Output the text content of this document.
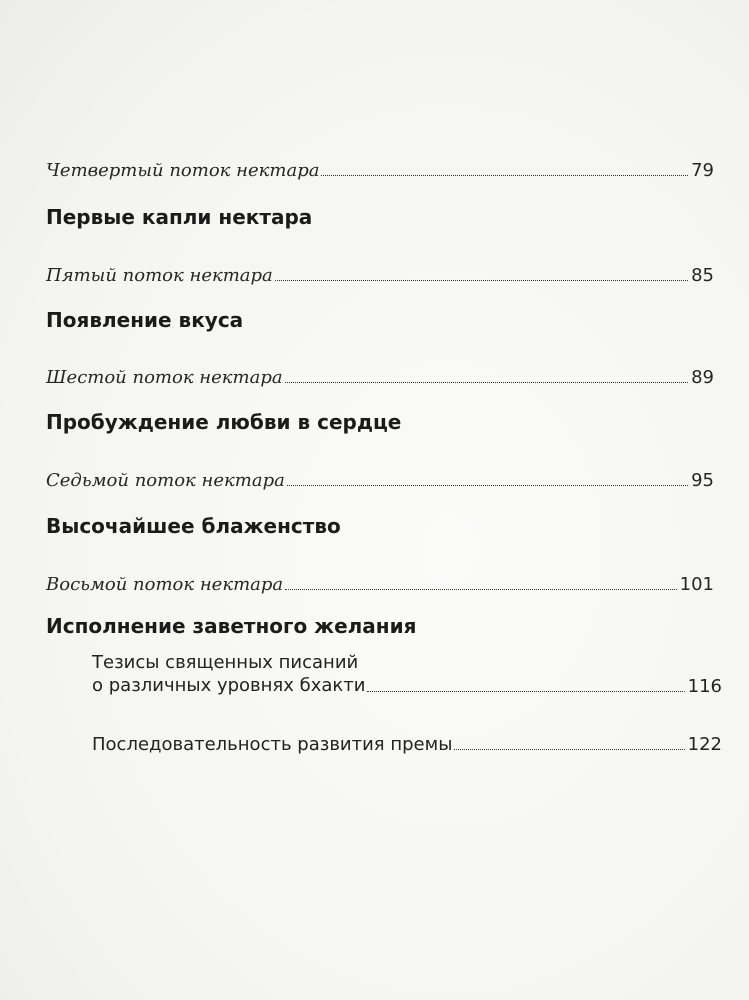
Четвертый поток нектара	79
Первые капли нектара
Пятый поток нектара	85
Появление вкуса
Шестой поток нектара	89
Пробуждение любви в сердце
Седьмой поток нектара	95
Высочайшее блаженство
Восьмой поток нектара	101
Исполнение заветного желания
Тезисы священных писаний
о различных уровнях бхакти	116
Последовательность развития премы	122
